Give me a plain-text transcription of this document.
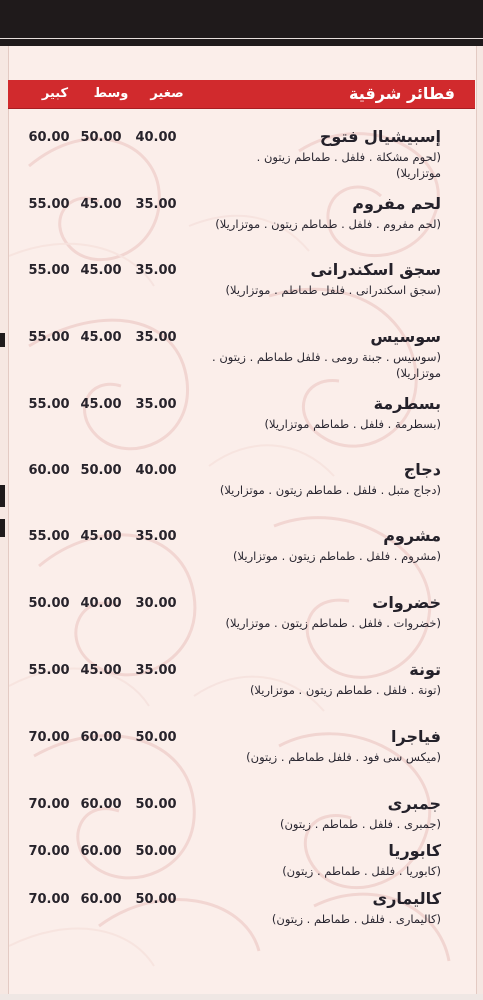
فطائر شرقية
صغير
وسط
كبير
إسبيشيال فتوح
(لحوم مشكلة . فلفل . طماطم زيتون . موتزاريلا)
40.00
50.00
60.00
لحم مفروم
(لحم مفروم . فلفل . طماطم زيتون . موتزاريلا)
35.00
45.00
55.00
سجق اسكندرانى
(سجق اسكندرانى . فلفل طماطم . موتزاريلا)
35.00
45.00
55.00
سوسيس
(سوسيس . جبنة رومى . فلفل طماطم . زيتون . موتزاريلا)
35.00
45.00
55.00
بسطرمة
(بسطرمة . فلفل . طماطم موتزاريلا)
35.00
45.00
55.00
دجاج
(دجاج متبل . فلفل . طماطم زيتون . موتزاريلا)
40.00
50.00
60.00
مشروم
(مشروم . فلفل . طماطم زيتون . موتزاريلا)
35.00
45.00
55.00
خضروات
(خضروات . فلفل . طماطم زيتون . موتزاريلا)
30.00
40.00
50.00
تونة
(تونة . فلفل . طماطم زيتون . موتزاريلا)
35.00
45.00
55.00
فياجرا
(ميكس سى فود . فلفل طماطم . زيتون)
50.00
60.00
70.00
جمبرى
(جمبرى . فلفل . طماطم . زيتون)
50.00
60.00
70.00
كابوريا
(كابوريا . فلفل . طماطم . زيتون)
50.00
60.00
70.00
كاليمارى
(كاليمارى . فلفل . طماطم . زيتون)
50.00
60.00
70.00
